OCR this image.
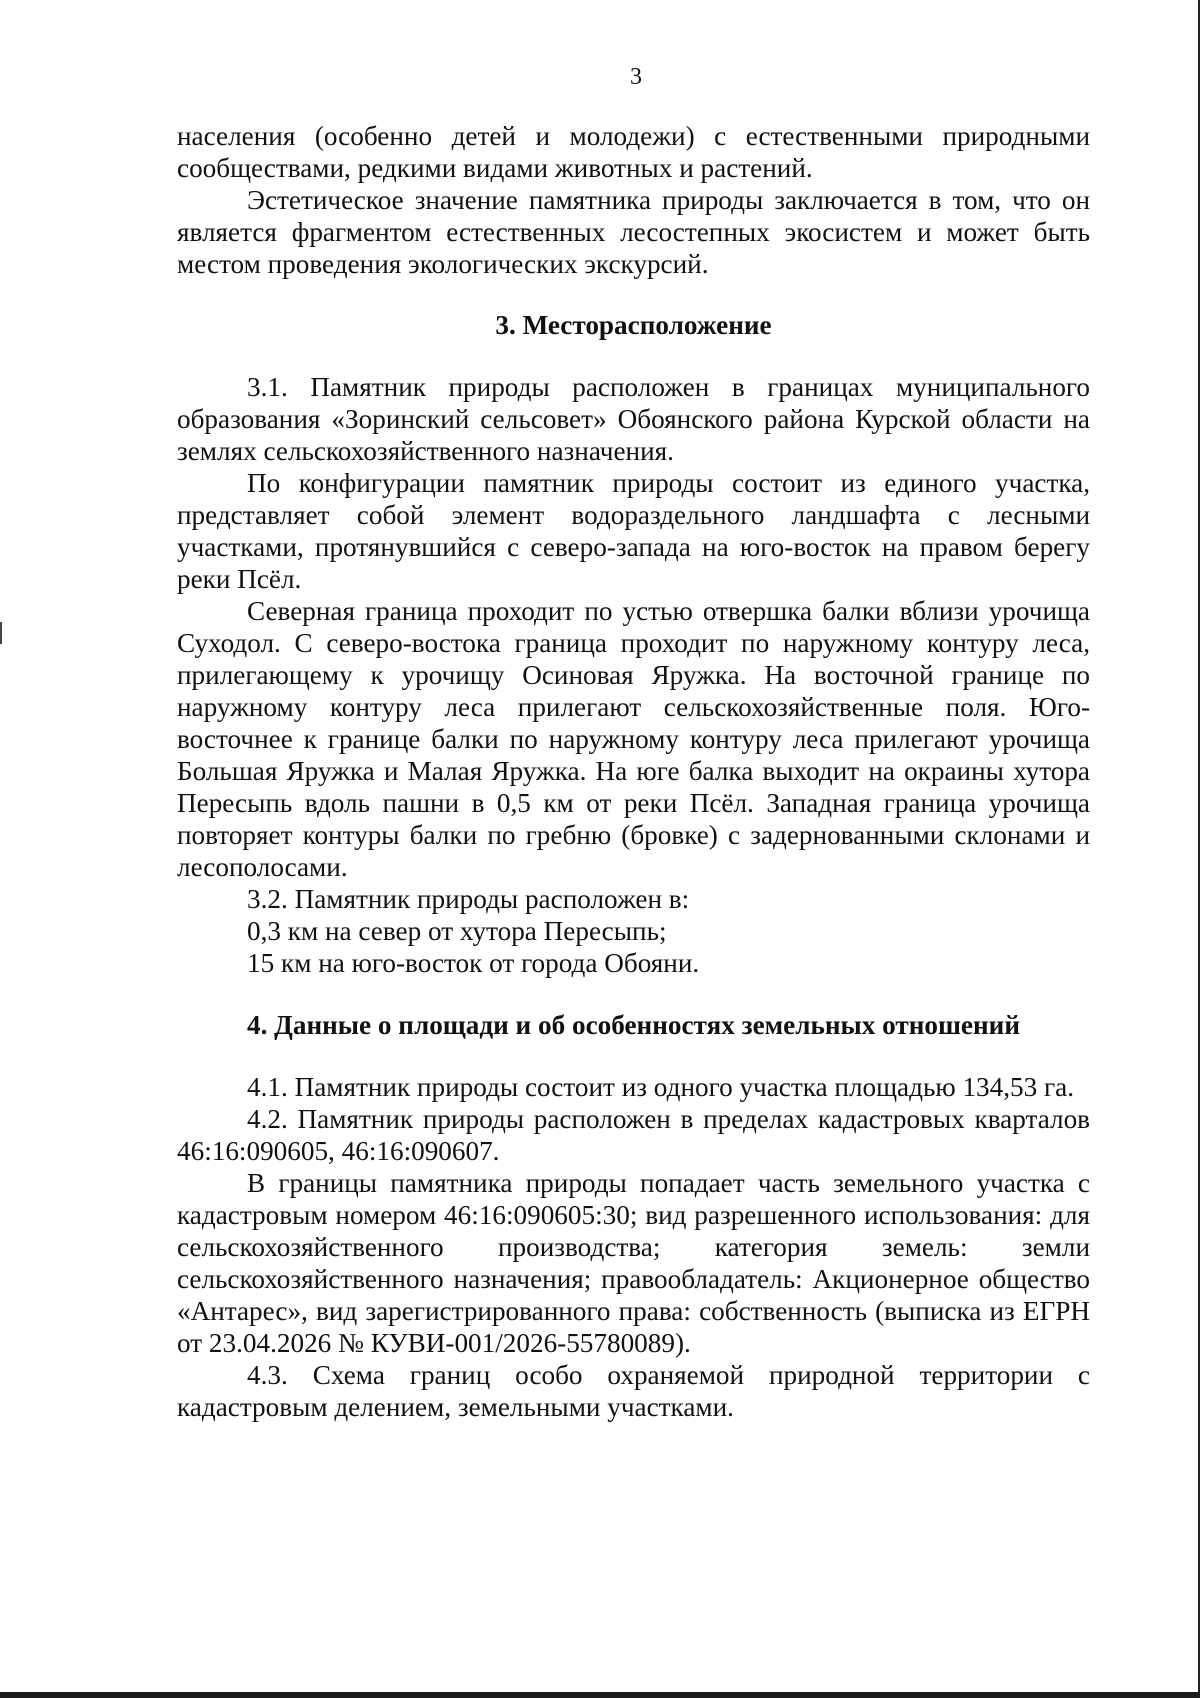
3

населения (особенно детей и молодежи) с естественными природными сообществами, редкими видами животных и растений.

Эстетическое значение памятника природы заключается в том, что он является фрагментом естественных лесостепных экосистем и может быть местом проведения экологических экскурсий.

3. Месторасположение

3.1. Памятник природы расположен в границах муниципального образования «Зоринский сельсовет» Обоянского района Курской области на землях сельскохозяйственного назначения.

По конфигурации памятник природы состоит из единого участка, представляет собой элемент водораздельного ландшафта с лесными участками, протянувшийся с северо-запада на юго-восток на правом берегу реки Псёл.

Северная граница проходит по устью отвершка балки вблизи урочища Суходол. С северо-востока граница проходит по наружному контуру леса, прилегающему к урочищу Осиновая Яружка. На восточной границе по наружному контуру леса прилегают сельскохозяйственные поля. Юго-восточнее к границе балки по наружному контуру леса прилегают урочища Большая Яружка и Малая Яружка. На юге балка выходит на окраины хутора Пересыпь вдоль пашни в 0,5 км от реки Псёл. Западная граница урочища повторяет контуры балки по гребню (бровке) с задернованными склонами и лесополосами.

3.2. Памятник природы расположен в:

0,3 км на север от хутора Пересыпь;

15 км на юго-восток от города Обояни.

4. Данные о площади и об особенностях земельных отношений

4.1. Памятник природы состоит из одного участка площадью 134,53 га.

4.2. Памятник природы расположен в пределах кадастровых кварталов 46:16:090605, 46:16:090607.

В границы памятника природы попадает часть земельного участка с кадастровым номером 46:16:090605:30; вид разрешенного использования: для сельскохозяйственного производства; категория земель: земли сельскохозяйственного назначения; правообладатель: Акционерное общество «Антарес», вид зарегистрированного права: собственность (выписка из ЕГРН от 23.04.2026 № КУВИ-001/2026-55780089).

4.3. Схема границ особо охраняемой природной территории с кадастровым делением, земельными участками.
